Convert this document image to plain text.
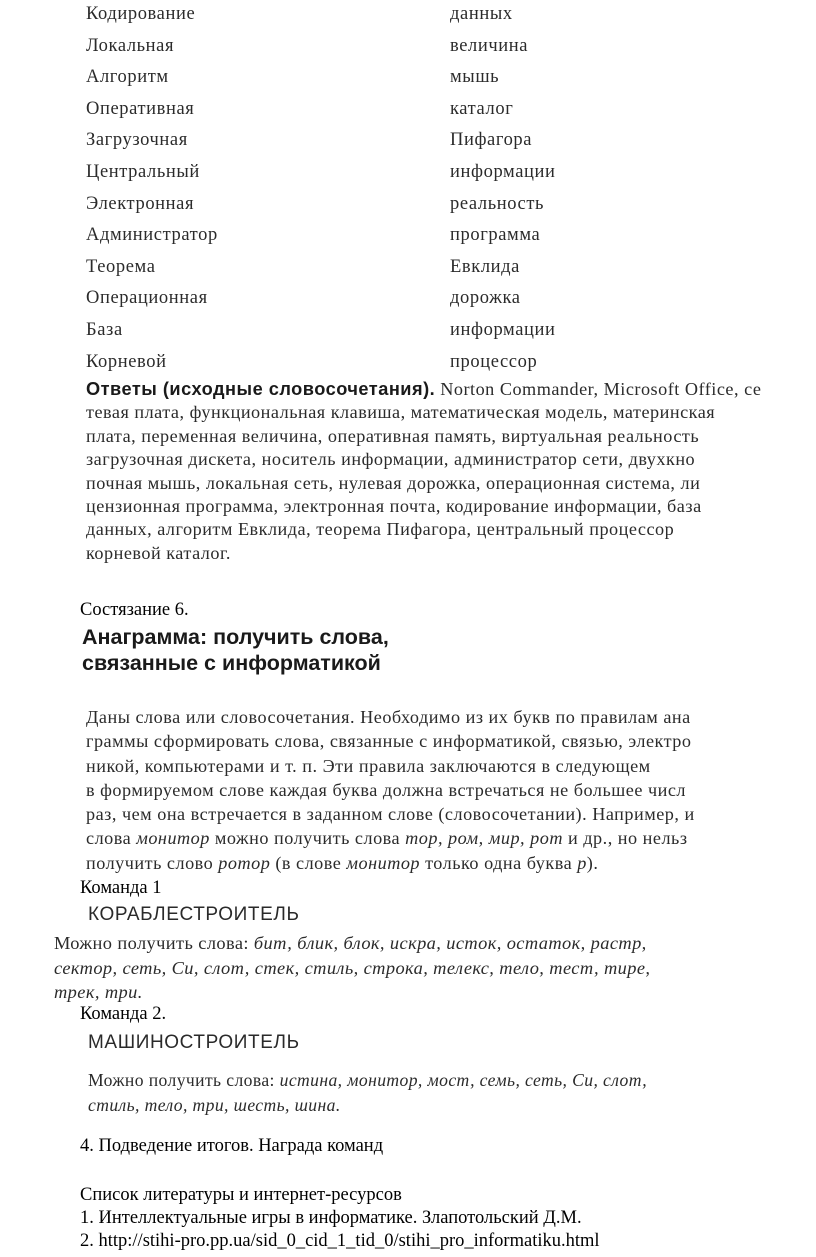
Кодирование	данных
Локальная	величина
Алгоритм	мышь
Оперативная	каталог
Загрузочная	Пифагора
Центральный	информации
Электронная	реальность
Администратор	программа
Теорема	Евклида
Операционная	дорожка
База	информации
Корневой	процессор
Ответы (исходные словосочетания). Norton Commander, Microsoft Office, се
тевая плата, функциональная клавиша, математическая модель, материнская
плата, переменная величина, оперативная память, виртуальная реальность
загрузочная дискета, носитель информации, администратор сети, двухкно
почная мышь, локальная сеть, нулевая дорожка, операционная система, ли
цензионная программа, электронная почта, кодирование информации, база
данных, алгоритм Евклида, теорема Пифагора, центральный процессор
корневой каталог.
Состязание 6.
Анаграмма: получить слова,
связанные с информатикой
Даны слова или словосочетания. Необходимо из их букв по правилам ана
граммы сформировать слова, связанные с информатикой, связью, электро
никой, компьютерами и т. п. Эти правила заключаются в следующем
в формируемом слове каждая буква должна встречаться не большее числ
раз, чем она встречается в заданном слове (словосочетании). Например, и
слова монитор можно получить слова тор, ром, мир, рот и др., но нельз
получить слово ротор (в слове монитор только одна буква р).
Команда 1
КОРАБЛЕСТРОИТЕЛЬ
Можно получить слова: бит, блик, блок, искра, исток, остаток, растр,
сектор, сеть, Си, слот, стек, стиль, строка, телекс, тело, тест, тире,
трек, три.
Команда 2.
МАШИНОСТРОИТЕЛЬ
Можно получить слова: истина, монитор, мост, семь, сеть, Си, слот,
стиль, тело, три, шесть, шина.
4. Подведение итогов. Награда команд
Список литературы и интернет-ресурсов
1. Интеллектуальные игры в информатике. Злапотольский Д.М.
2. http://stihi-pro.pp.ua/sid_0_cid_1_tid_0/stihi_pro_informatiku.html
